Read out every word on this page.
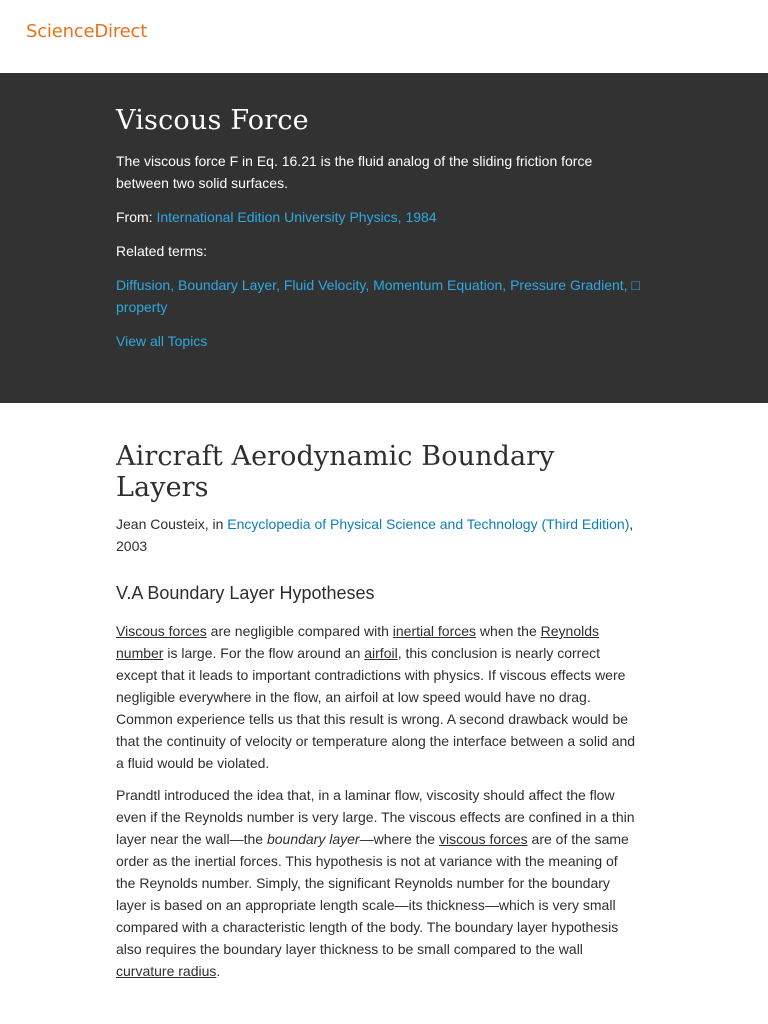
ScienceDirect
Viscous Force

The viscous force F in Eq. 16.21 is the fluid analog of the sliding friction force between two solid surfaces.

From: International Edition University Physics, 1984

Related terms:

Diffusion, Boundary Layer, Fluid Velocity, Momentum Equation, Pressure Gradient, □ property

View all Topics

Aircraft Aerodynamic Boundary Layers

Jean Cousteix, in Encyclopedia of Physical Science and Technology (Third Edition), 2003

V.A Boundary Layer Hypotheses

Viscous forces are negligible compared with inertial forces when the Reynolds number is large. For the flow around an airfoil, this conclusion is nearly correct except that it leads to important contradictions with physics. If viscous effects were negligible everywhere in the flow, an airfoil at low speed would have no drag. Common experience tells us that this result is wrong. A second drawback would be that the continuity of velocity or temperature along the interface between a solid and a fluid would be violated.

Prandtl introduced the idea that, in a laminar flow, viscosity should affect the flow even if the Reynolds number is very large. The viscous effects are confined in a thin layer near the wall—the boundary layer—where the viscous forces are of the same order as the inertial forces. This hypothesis is not at variance with the meaning of the Reynolds number. Simply, the significant Reynolds number for the boundary layer is based on an appropriate length scale—its thickness—which is very small compared with a characteristic length of the body. The boundary layer hypothesis also requires the boundary layer thickness to be small compared to the wall curvature radius.
